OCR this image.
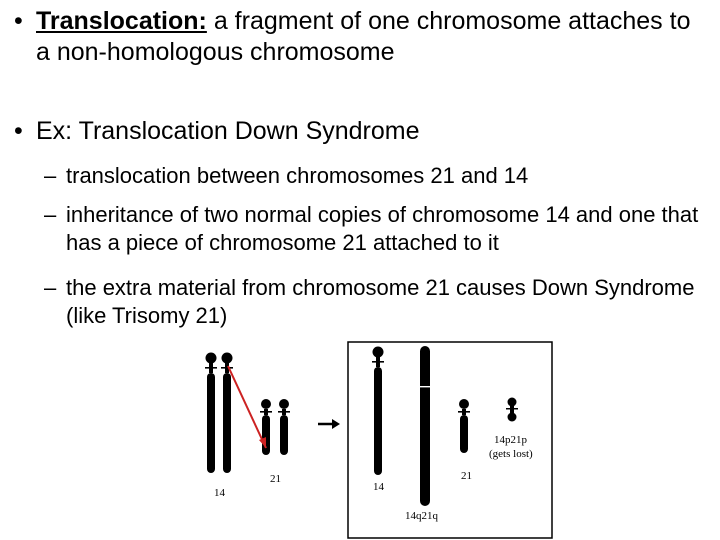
• Translocation: a fragment of one chromosome attaches to a non-homologous chromosome
• Ex: Translocation Down Syndrome
– translocation between chromosomes 21 and 14
– inheritance of two normal copies of chromosome 14 and one that has a piece of chromosome 21 attached to it
– the extra material from chromosome 21 causes Down Syndrome (like Trisomy 21)
14
21
14
21
14q21q
14p21p
(gets lost)
